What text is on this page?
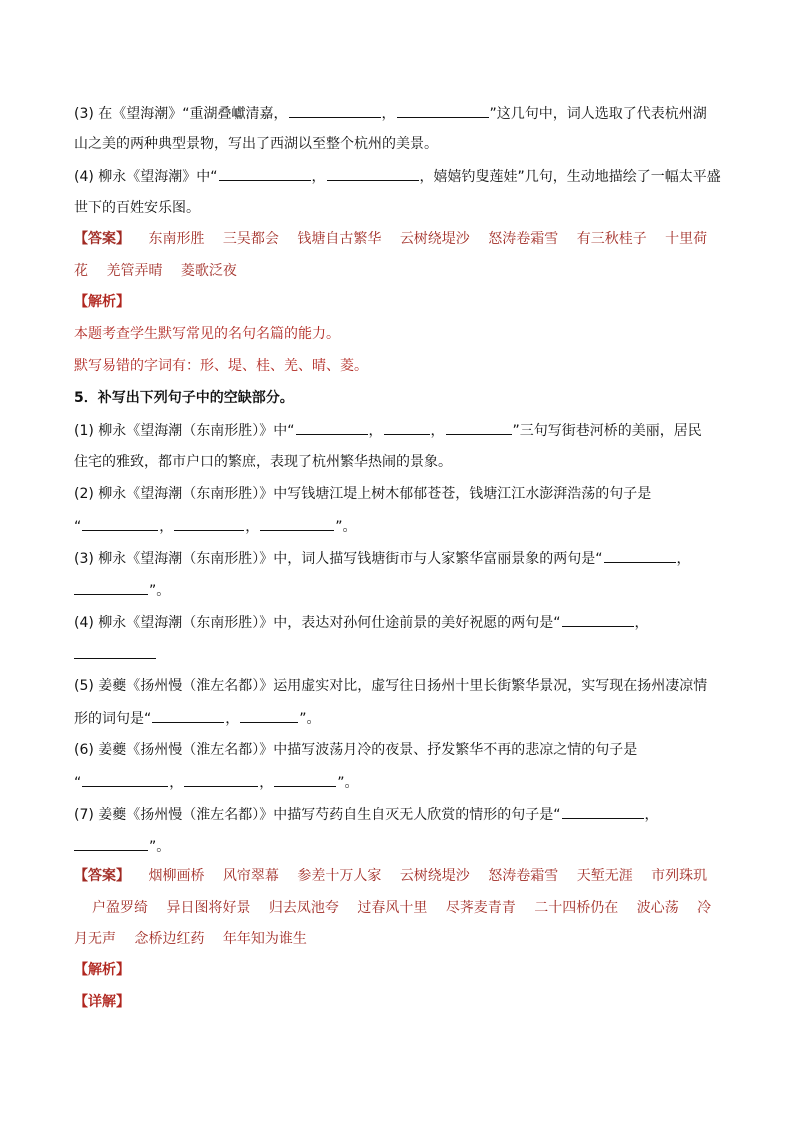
(3) 在《望海潮》“重湖叠巘清嘉，	，	”这几句中，词人选取了代表杭州湖
山之美的两种典型景物，写出了西湖以至整个杭州的美景。
(4) 柳永《望海潮》中“	，	，嬉嬉钓叟莲娃”几句，生动地描绘了一幅太平盛
世下的百姓安乐图。
【答案】 东南形胜 三吴都会 钱塘自古繁华 云树绕堤沙 怒涛卷霜雪 有三秋桂子 十里荷
花 羌管弄晴 菱歌泛夜
【解析】
本题考查学生默写常见的名句名篇的能力。
默写易错的字词有：形、堤、桂、羌、晴、菱。
5．补写出下列句子中的空缺部分。
(1) 柳永《望海潮（东南形胜）》中“	，	，	”三句写街巷河桥的美丽，居民
住宅的雅致，都市户口的繁庶，表现了杭州繁华热闹的景象。
(2) 柳永《望海潮（东南形胜）》中写钱塘江堤上树木郁郁苍苍，钱塘江江水澎湃浩荡的句子是
“	，	，	”。
(3) 柳永《望海潮（东南形胜）》中，词人描写钱塘街市与人家繁华富丽景象的两句是“	，
”。
(4) 柳永《望海潮（东南形胜）》中，表达对孙何仕途前景的美好祝愿的两句是“	，
(5) 姜夔《扬州慢（淮左名都）》运用虚实对比，虚写往日扬州十里长街繁华景况，实写现在扬州凄凉情
形的词句是“	，	”。
(6) 姜夔《扬州慢（淮左名都）》中描写波荡月冷的夜景、抒发繁华不再的悲凉之情的句子是
“	，	，	”。
(7) 姜夔《扬州慢（淮左名都）》中描写芍药自生自灭无人欣赏的情形的句子是“	，
”。
【答案】 烟柳画桥 风帘翠幕 参差十万人家 云树绕堤沙 怒涛卷霜雪 天堑无涯 市列珠玑
户盈罗绮 异日图将好景 归去凤池夸 过春风十里 尽荠麦青青 二十四桥仍在 波心荡 冷
月无声 念桥边红药 年年知为谁生
【解析】
【详解】
